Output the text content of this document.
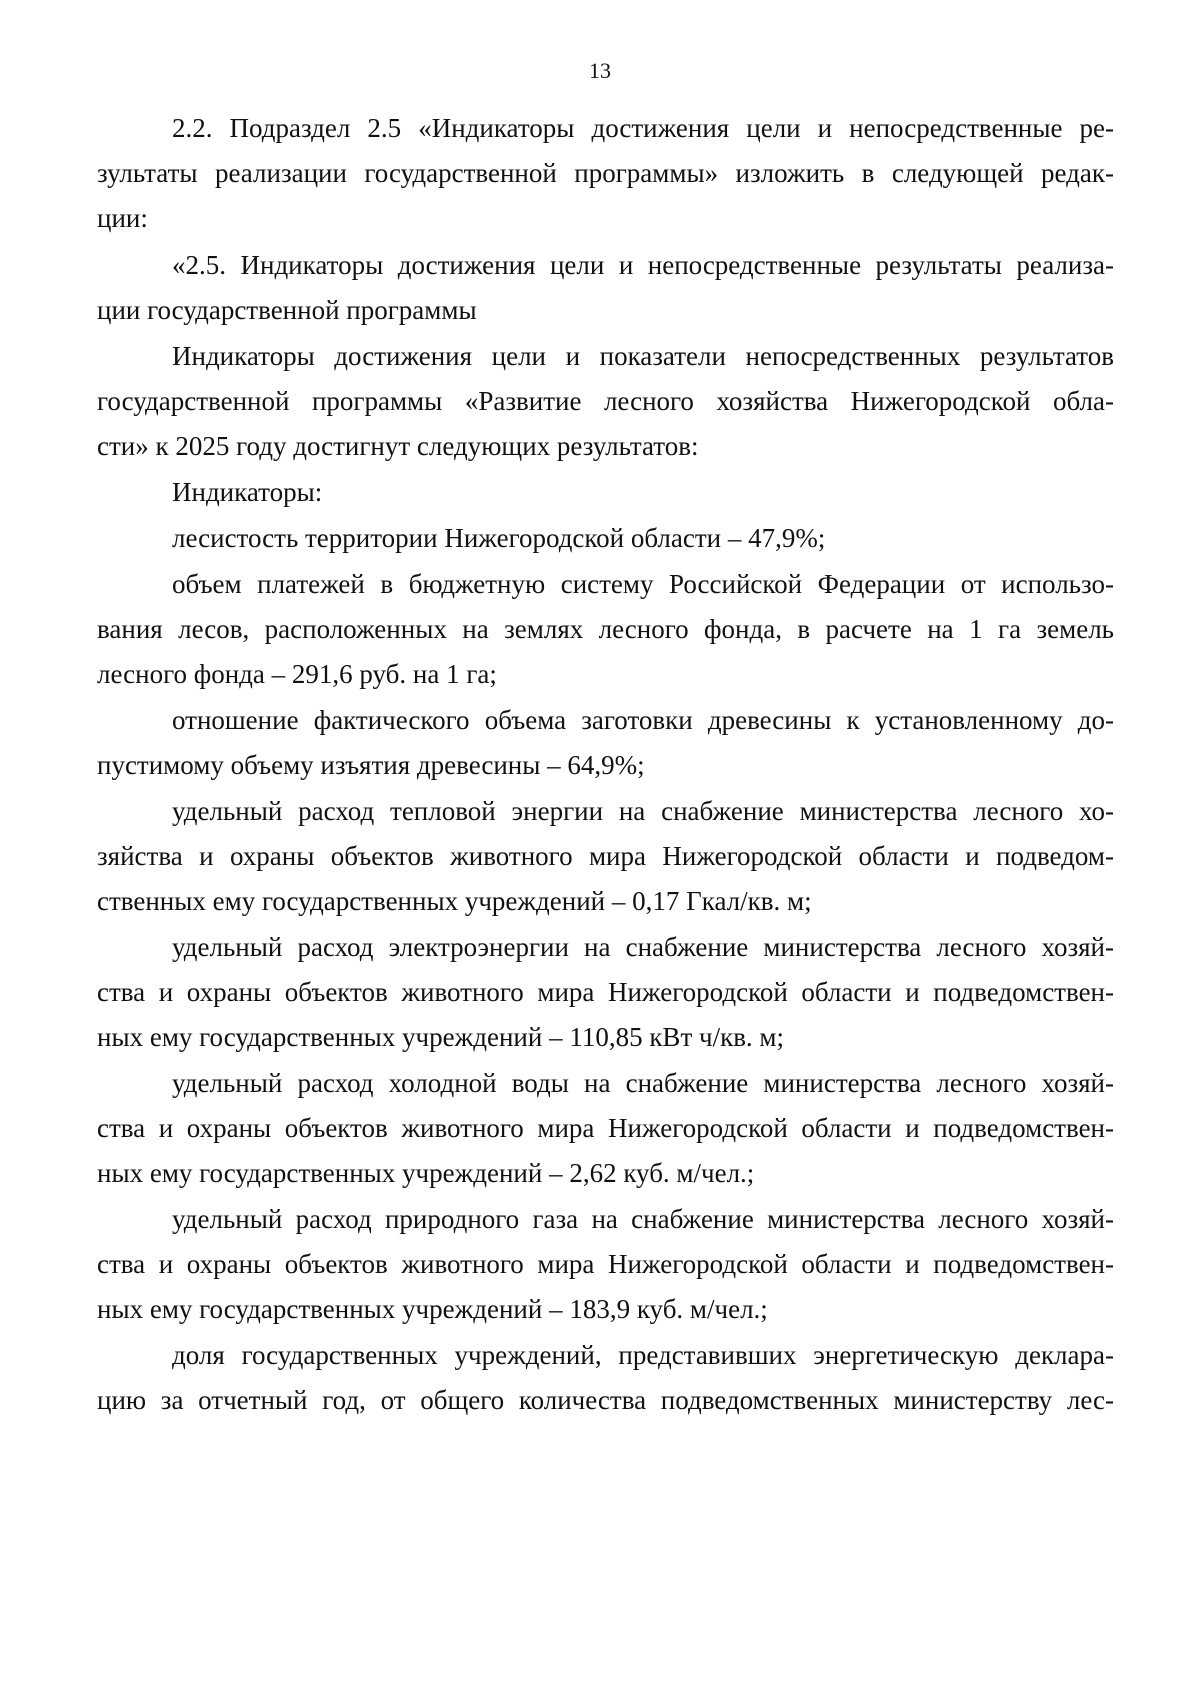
13
2.2. Подраздел 2.5 «Индикаторы достижения цели и непосредственные ре-
зультаты реализации государственной программы» изложить в следующей редак-
ции:
«2.5. Индикаторы достижения цели и непосредственные результаты реализа-
ции государственной программы
Индикаторы достижения цели и показатели непосредственных результатов
государственной программы «Развитие лесного хозяйства Нижегородской обла-
сти» к 2025 году достигнут следующих результатов:
Индикаторы:
лесистость территории Нижегородской области – 47,9%;
объем платежей в бюджетную систему Российской Федерации от использо-
вания лесов, расположенных на землях лесного фонда, в расчете на 1 га земель
лесного фонда – 291,6 руб. на 1 га;
отношение фактического объема заготовки древесины к установленному до-
пустимому объему изъятия древесины – 64,9%;
удельный расход тепловой энергии на снабжение министерства лесного хо-
зяйства и охраны объектов животного мира Нижегородской области и подведом-
ственных ему государственных учреждений – 0,17 Гкал/кв. м;
удельный расход электроэнергии на снабжение министерства лесного хозяй-
ства и охраны объектов животного мира Нижегородской области и подведомствен-
ных ему государственных учреждений – 110,85 кВт ч/кв. м;
удельный расход холодной воды на снабжение министерства лесного хозяй-
ства и охраны объектов животного мира Нижегородской области и подведомствен-
ных ему государственных учреждений – 2,62 куб. м/чел.;
удельный расход природного газа на снабжение министерства лесного хозяй-
ства и охраны объектов животного мира Нижегородской области и подведомствен-
ных ему государственных учреждений – 183,9 куб. м/чел.;
доля государственных учреждений, представивших энергетическую деклара-
цию за отчетный год, от общего количества подведомственных министерству лес-
